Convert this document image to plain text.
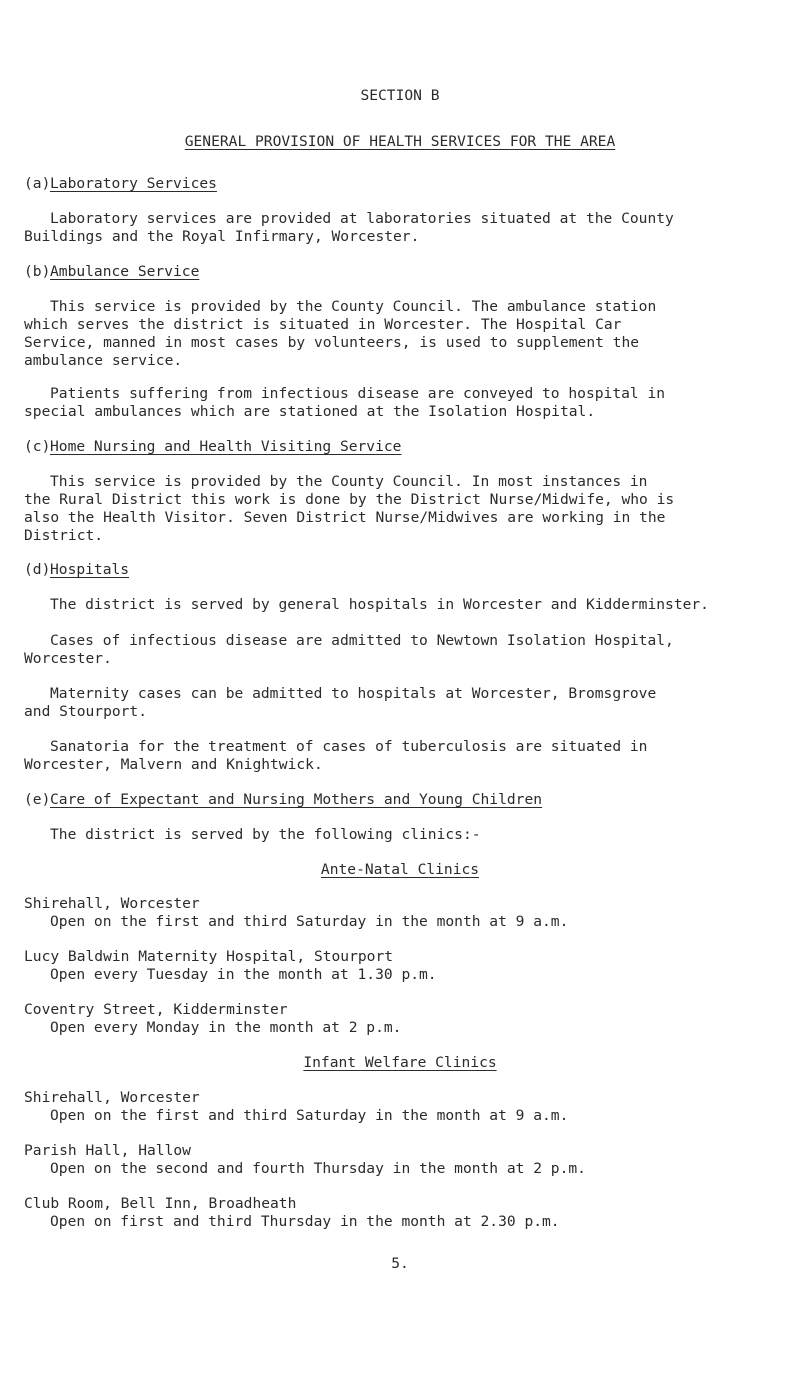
SECTION B
GENERAL PROVISION OF HEALTH SERVICES FOR THE AREA
(a)Laboratory Services
Laboratory services are provided at laboratories situated at the County
Buildings and the Royal Infirmary, Worcester.
(b)Ambulance Service
This service is provided by the County Council. The ambulance station
which serves the district is situated in Worcester. The Hospital Car
Service, manned in most cases by volunteers, is used to supplement the
ambulance service.
Patients suffering from infectious disease are conveyed to hospital in
special ambulances which are stationed at the Isolation Hospital.
(c)Home Nursing and Health Visiting Service
This service is provided by the County Council. In most instances in
the Rural District this work is done by the District Nurse/Midwife, who is
also the Health Visitor. Seven District Nurse/Midwives are working in the
District.
(d)Hospitals
The district is served by general hospitals in Worcester and Kidderminster.
Cases of infectious disease are admitted to Newtown Isolation Hospital,
Worcester.
Maternity cases can be admitted to hospitals at Worcester, Bromsgrove
and Stourport.
Sanatoria for the treatment of cases of tuberculosis are situated in
Worcester, Malvern and Knightwick.
(e)Care of Expectant and Nursing Mothers and Young Children
The district is served by the following clinics:-
Ante-Natal Clinics
Shirehall, Worcester
Open on the first and third Saturday in the month at 9 a.m.
Lucy Baldwin Maternity Hospital, Stourport
Open every Tuesday in the month at 1.30 p.m.
Coventry Street, Kidderminster
Open every Monday in the month at 2 p.m.
Infant Welfare Clinics
Shirehall, Worcester
Open on the first and third Saturday in the month at 9 a.m.
Parish Hall, Hallow
Open on the second and fourth Thursday in the month at 2 p.m.
Club Room, Bell Inn, Broadheath
Open on first and third Thursday in the month at 2.30 p.m.
5.
